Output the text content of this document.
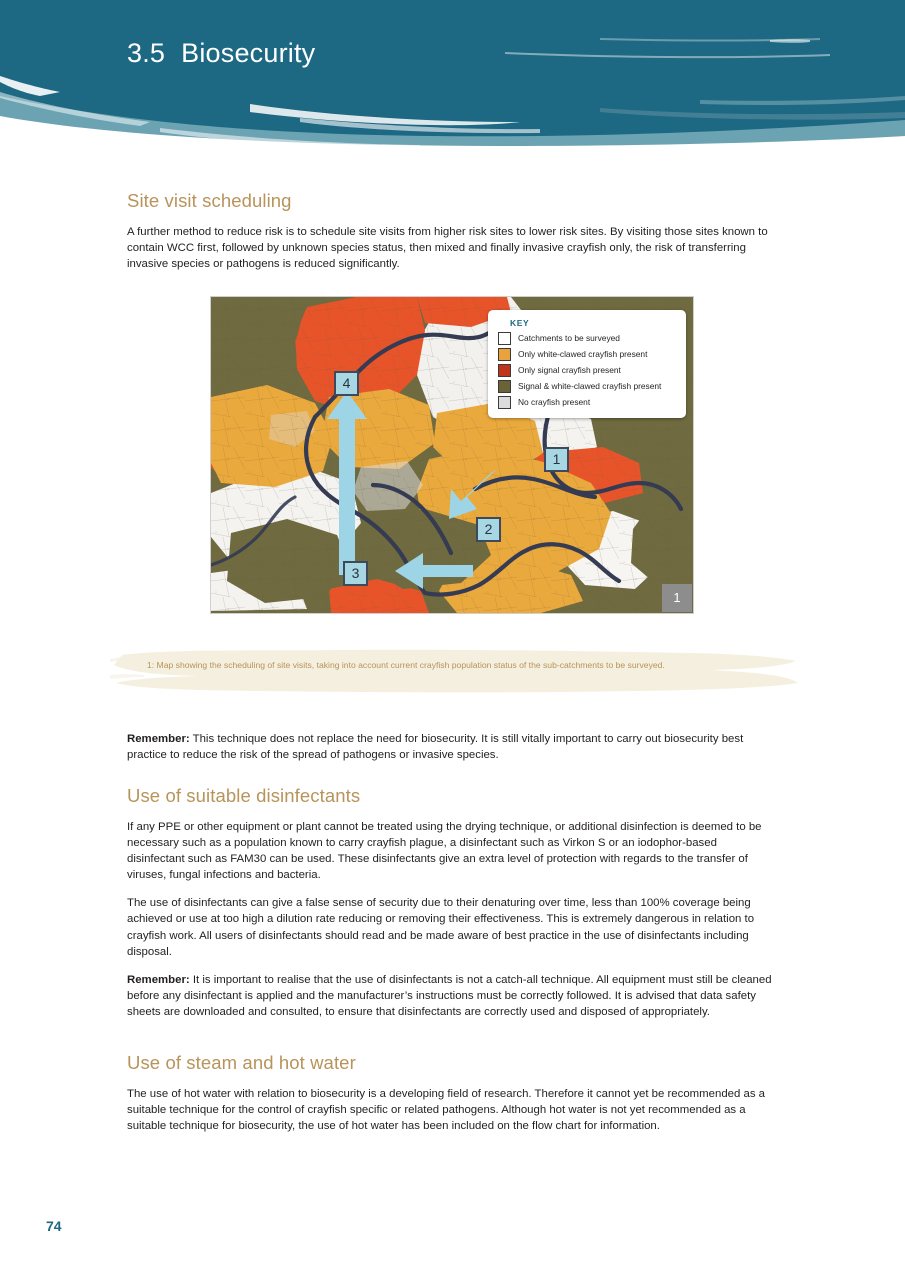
3.5 Biosecurity
Site visit scheduling

A further method to reduce risk is to schedule site visits from higher risk sites to lower risk sites. By visiting those sites known to contain WCC first, followed by unknown species status, then mixed and finally invasive crayfish only, the risk of transferring invasive species or pathogens is reduced significantly.

4
3
2
1
1
KEY
Catchments to be surveyed
Only white-clawed crayfish present
Only signal crayfish present
Signal & white-clawed crayfish present
No crayfish present
1: Map showing the scheduling of site visits, taking into account current crayfish population status of the sub-catchments to be surveyed.

Remember: This technique does not replace the need for biosecurity. It is still vitally important to carry out biosecurity best practice to reduce the risk of the spread of pathogens or invasive species.

Use of suitable disinfectants

If any PPE or other equipment or plant cannot be treated using the drying technique, or additional disinfection is deemed to be necessary such as a population known to carry crayfish plague, a disinfectant such as Virkon S or an iodophor-based disinfectant such as FAM30 can be used. These disinfectants give an extra level of protection with regards to the transfer of viruses, fungal infections and bacteria.

The use of disinfectants can give a false sense of security due to their denaturing over time, less than 100% coverage being achieved or use at too high a dilution rate reducing or removing their effectiveness. This is extremely dangerous in relation to crayfish work. All users of disinfectants should read and be made aware of best practice in the use of disinfectants including disposal.

Remember: It is important to realise that the use of disinfectants is not a catch-all technique. All equipment must still be cleaned before any disinfectant is applied and the manufacturer’s instructions must be correctly followed. It is advised that data safety sheets are downloaded and consulted, to ensure that disinfectants are correctly used and disposed of appropriately.

Use of steam and hot water

The use of hot water with relation to biosecurity is a developing field of research. Therefore it cannot yet be recommended as a suitable technique for the control of crayfish specific or related pathogens. Although hot water is not yet recommended as a suitable technique for biosecurity, the use of hot water has been included on the flow chart for information.

74
